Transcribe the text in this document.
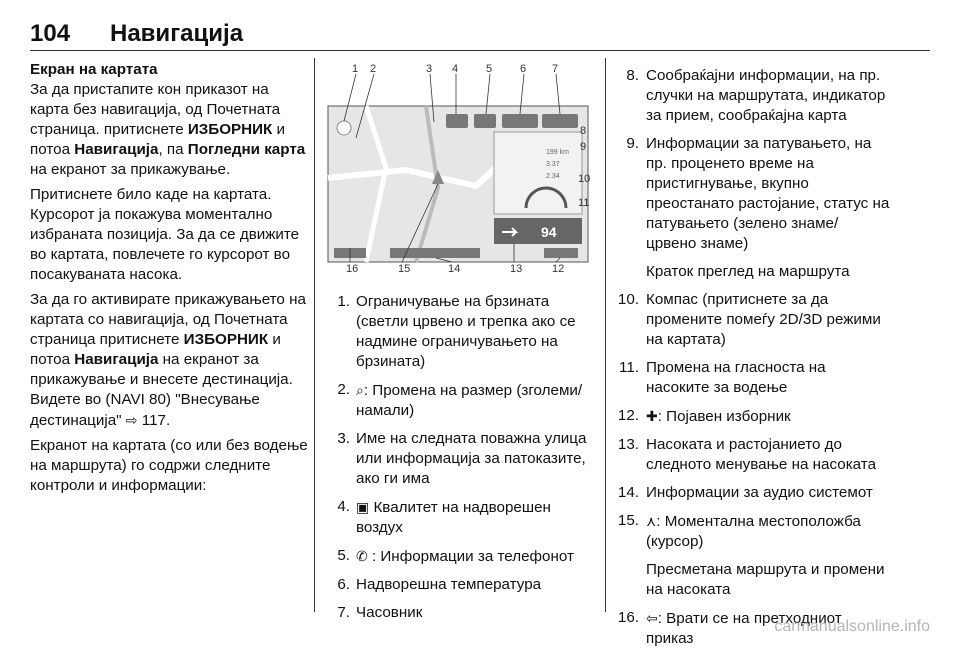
104 Навигација

Екран на картата
За да пристапите кон приказот на карта без навигација, од Почетната страница. притиснете ИЗБОРНИК и потоа Навигација, па Погледни карта на екранот за прикажување.

Притиснете било каде на картата. Курсорот ја покажува моментално избраната позиција. За да се движите во картата, повлечете го курсорот во посакуваната насока.

За да го активирате прикажувањето на картата со навигација, од Почетната страница притиснете ИЗБОРНИК и потоа Навигација на екранот за прикажување и внесете дестинација. Видете во (NAVI 80) "Внесување дестинација" ⇨ 117.

Екранот на картата (со или без водење на маршрута) го содржи следните контроли и информации:

199 km
3.37
2.34
94
1 2	3 4	5	6 7
8
9
10
11
16	15	14	13	12
1. Ограничување на брзината (светли црвено и трепка ако се надмине ограничувањето на брзината)
2. ⌕: Промена на размер (зголеми/намали)
3. Име на следната поважна улица или информација за патоказите, ако ги има
4. ▣ Квалитет на надворешен воздух
5. ✆ : Информации за телефонот
6. Надворешна температура
7. Часовник
8. Сообраќајни информации, на пр. случки на маршрутата, индикатор за прием, сообраќајна карта
9. Информации за патувањето, на пр. проценето време на пристигнување, вкупно преостанато растојание, статус на патувањето (зелено знаме/ црвено знаме)
Краток преглед на маршрута
10. Компас (притиснете за да промените помеѓу 2D/3D режими на картата)
11. Промена на гласноста на насоките за водење
12. ✚: Појавен изборник
13. Насоката и растојанието до следното менување на насоката
14. Информации за аудио системот
15. ⋏: Моментална местоположба (курсор)
Пресметана маршрута и промени на насоката
16. ⇦: Врати се на претходниот приказ
carmanualsonline.info
